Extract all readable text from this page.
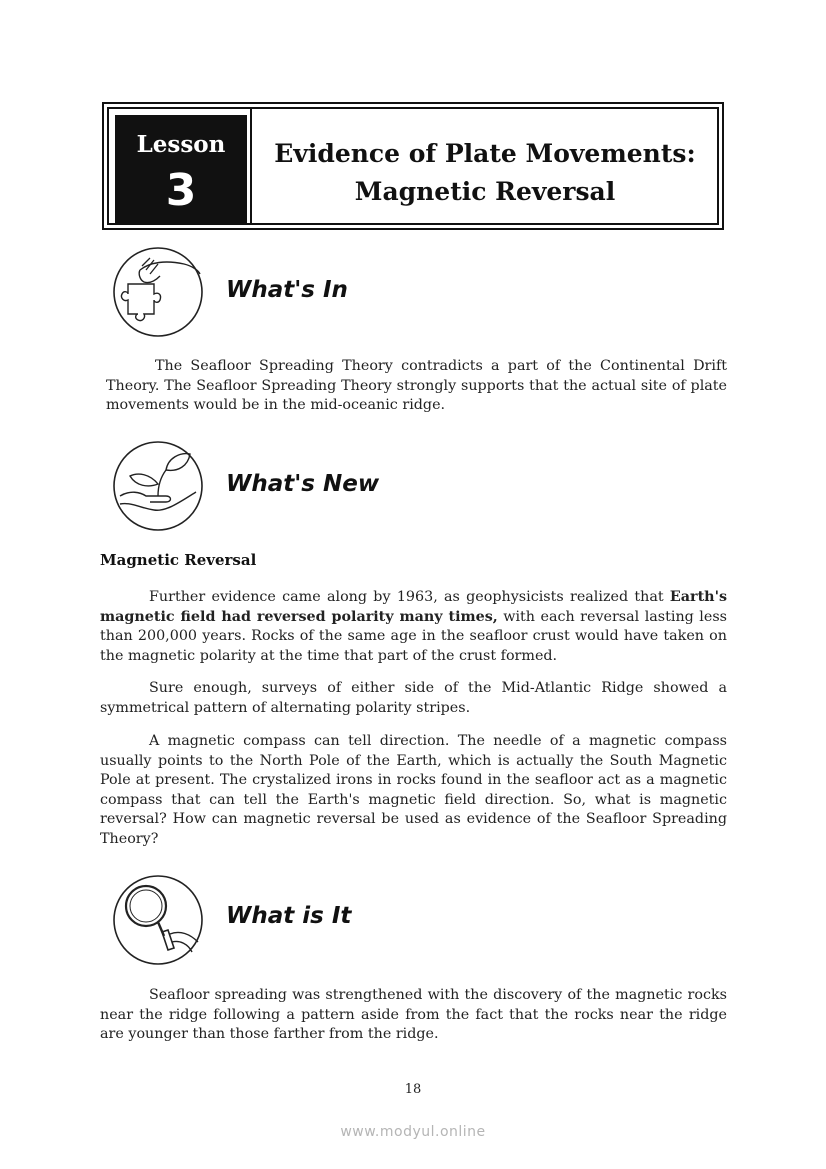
Lesson
3
Evidence of Plate Movements:
Magnetic Reversal
What's In

The Seafloor Spreading Theory contradicts a part of the Continental Drift Theory. The Seafloor Spreading Theory strongly supports that the actual site of plate movements would be in the mid-oceanic ridge.

What's New
Magnetic Reversal

Further evidence came along by 1963, as geophysicists realized that Earth's magnetic field had reversed polarity many times, with each reversal lasting less than 200,000 years. Rocks of the same age in the seafloor crust would have taken on the magnetic polarity at the time that part of the crust formed.

Sure enough, surveys of either side of the Mid-Atlantic Ridge showed a symmetrical pattern of alternating polarity stripes.

A magnetic compass can tell direction. The needle of a magnetic compass usually points to the North Pole of the Earth, which is actually the South Magnetic Pole at present. The crystalized irons in rocks found in the seafloor act as a magnetic compass that can tell the Earth's magnetic field direction. So, what is magnetic reversal? How can magnetic reversal be used as evidence of the Seafloor Spreading Theory?

What is It

Seafloor spreading was strengthened with the discovery of the magnetic rocks near the ridge following a pattern aside from the fact that the rocks near the ridge are younger than those farther from the ridge.

18
www.modyul.online
